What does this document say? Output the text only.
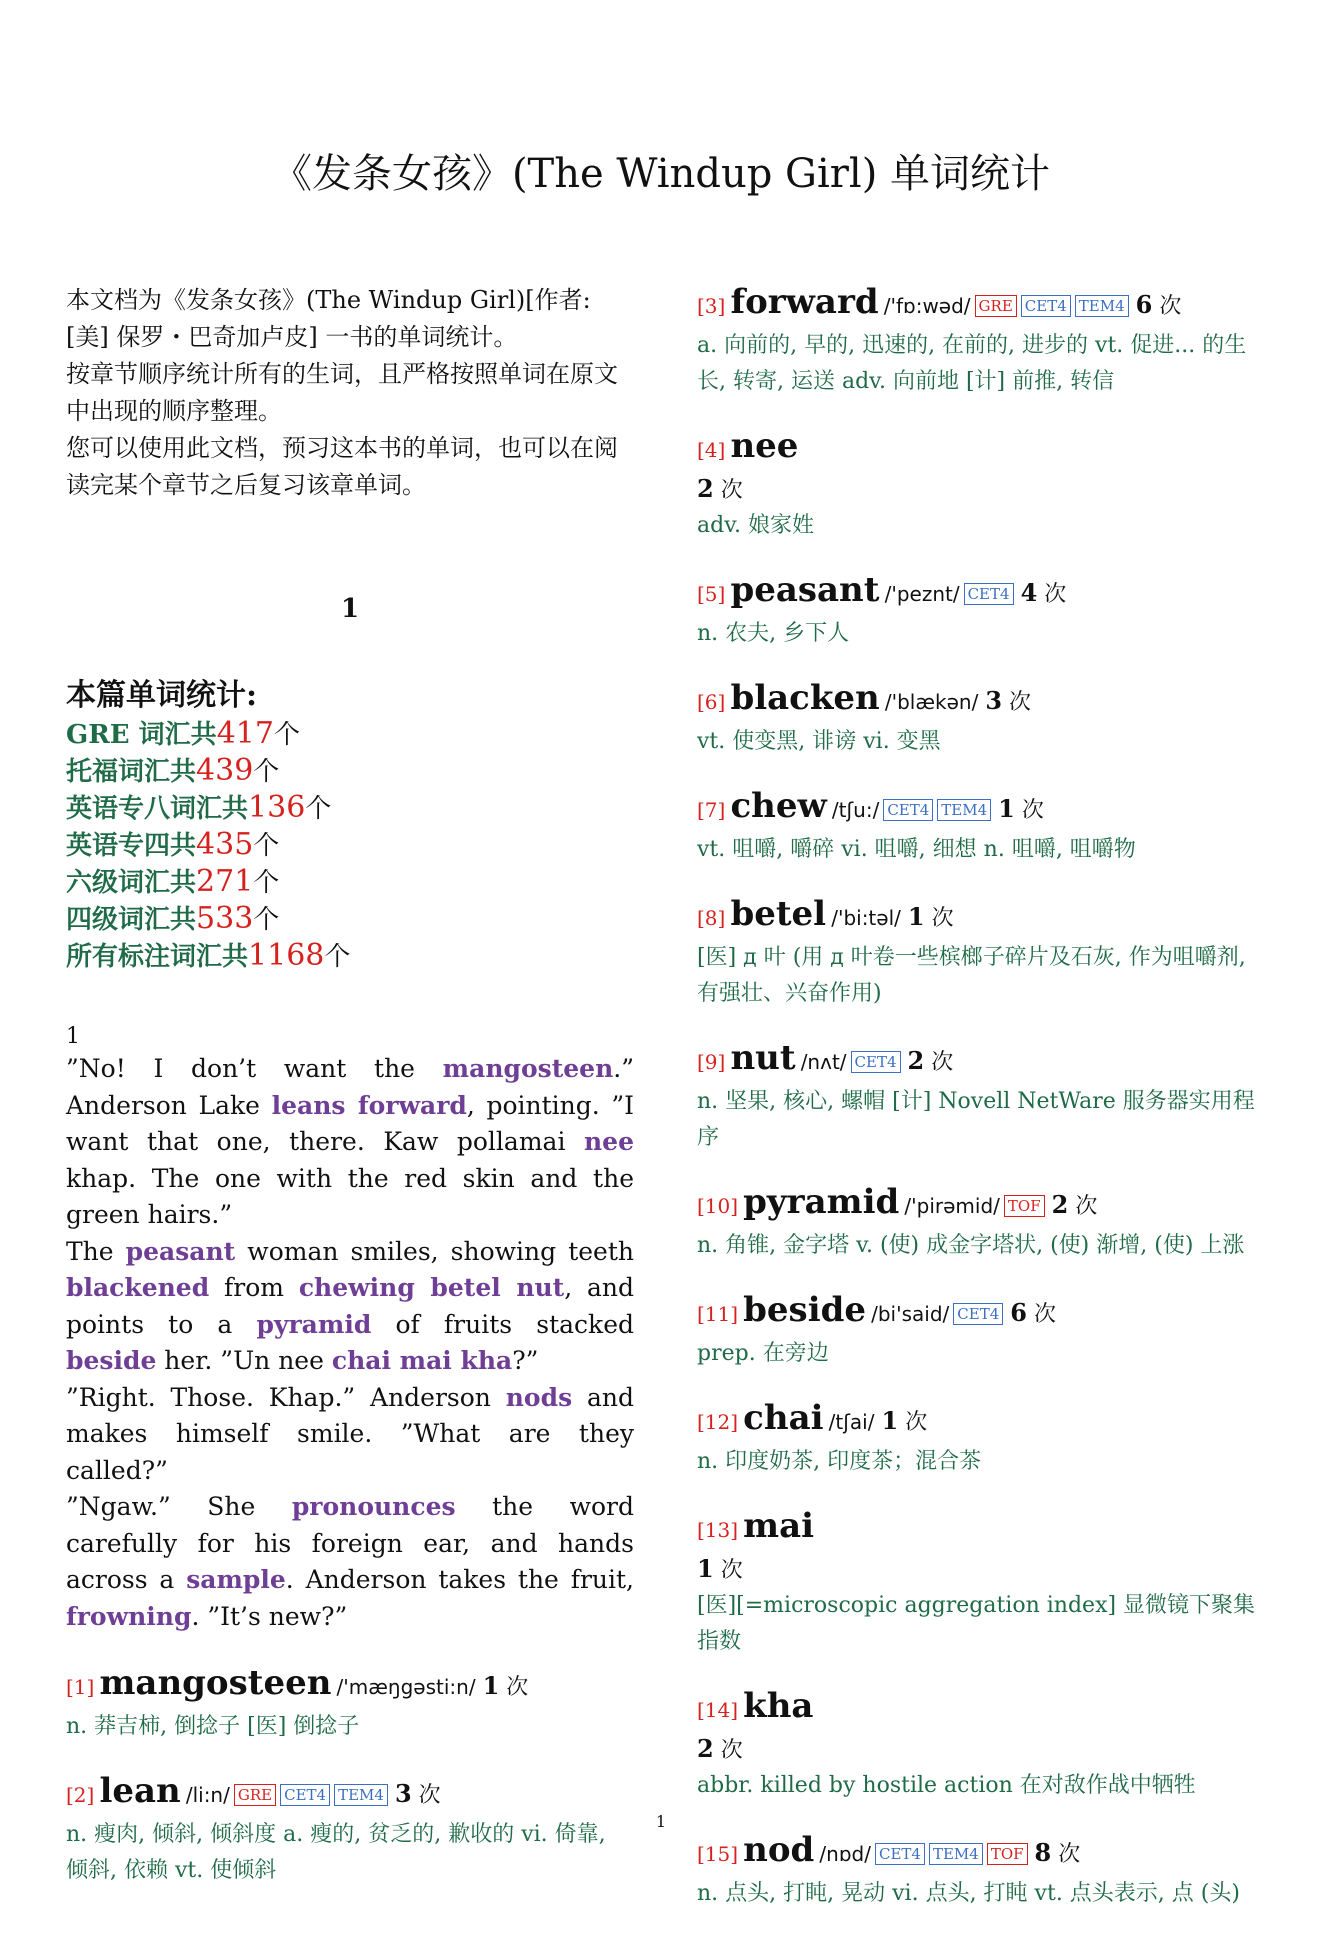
《发条女孩》(The Windup Girl) 单词统计

本文档为《发条女孩》(The Windup Girl)[作者: [美] 保罗・巴奇加卢皮] 一书的单词统计。

按章节顺序统计所有的生词，且严格按照单词在原文中出现的顺序整理。

您可以使用此文档，预习这本书的单词，也可以在阅读完某个章节之后复习该章单词。

1
本篇单词统计:
GRE 词汇共417个
托福词汇共439个
英语专八词汇共136个
英语专四共435个
六级词汇共271个
四级词汇共533个
所有标注词汇共1168个
1

”No! I don’t want the mangosteen.” Anderson Lake leans forward, pointing. ”I want that one, there. Kaw pollamai nee khap. The one with the red skin and the green hairs.”

The peasant woman smiles, showing teeth blackened from chewing betel nut, and points to a pyramid of fruits stacked beside her. ”Un nee chai mai kha?”

”Right. Those. Khap.” Anderson nods and makes himself smile. ”What are they called?”

”Ngaw.” She pronounces the word carefully for his foreign ear, and hands across a sample. Anderson takes the fruit, frowning. ”It’s new?”

[1] mangosteen /'mæŋgəsti:n/ 1 次
n. 莽吉柿, 倒捻子 [医] 倒捻子
[2] lean /li:n/ GRE CET4 TEM4 3 次
n. 瘦肉, 倾斜, 倾斜度 a. 瘦的, 贫乏的, 歉收的 vi. 倚靠, 倾斜, 依赖 vt. 使倾斜
[3] forward /'fɒ:wəd/ GRE CET4 TEM4 6 次
a. 向前的, 早的, 迅速的, 在前的, 进步的 vt. 促进... 的生长, 转寄, 运送 adv. 向前地 [计] 前推, 转信
[4] nee
2 次
adv. 娘家姓
[5] peasant /'peznt/ CET4 4 次
n. 农夫, 乡下人
[6] blacken /'blækən/ 3 次
vt. 使变黑, 诽谤 vi. 变黑
[7] chew /tʃu:/ CET4 TEM4 1 次
vt. 咀嚼, 嚼碎 vi. 咀嚼, 细想 n. 咀嚼, 咀嚼物
[8] betel /'bi:təl/ 1 次
[医] д 叶 (用 д 叶卷一些槟榔子碎片及石灰, 作为咀嚼剂, 有强壮、兴奋作用)
[9] nut /nʌt/ CET4 2 次
n. 坚果, 核心, 螺帽 [计] Novell NetWare 服务器实用程序
[10] pyramid /'pirəmid/ TOF 2 次
n. 角锥, 金字塔 v. (使) 成金字塔状, (使) 渐增, (使) 上涨
[11] beside /bi'said/ CET4 6 次
prep. 在旁边
[12] chai /tʃai/ 1 次
n. 印度奶茶, 印度茶；混合茶
[13] mai
1 次
[医][=microscopic aggregation index] 显微镜下聚集指数
[14] kha
2 次
abbr. killed by hostile action 在对敌作战中牺牲
[15] nod /nɒd/ CET4 TEM4 TOF 8 次
n. 点头, 打盹, 晃动 vi. 点头, 打盹 vt. 点头表示, 点 (头)
1
